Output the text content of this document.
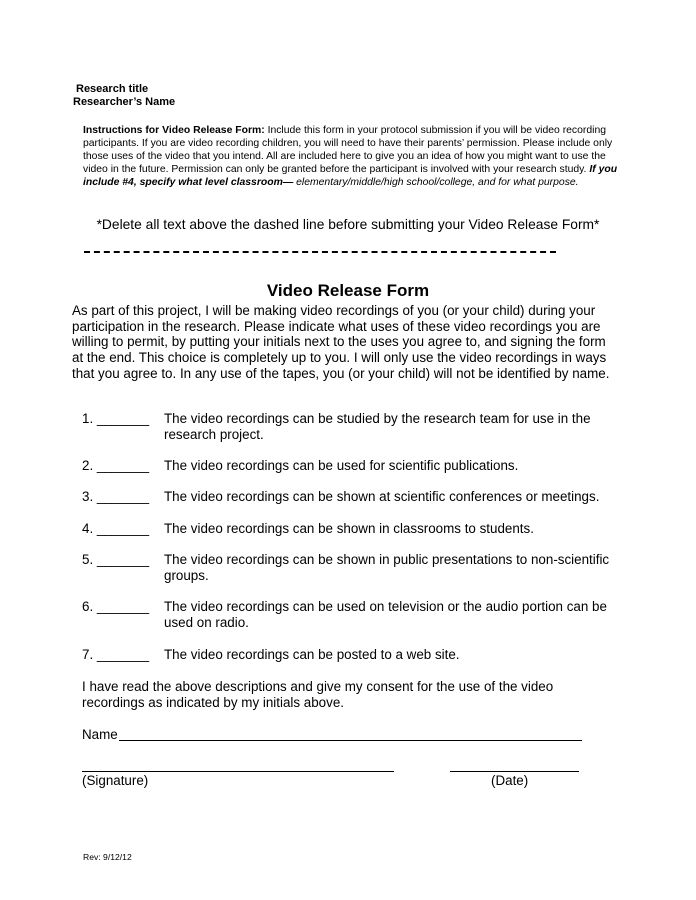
Research title
Researcher’s Name
Instructions for Video Release Form: Include this form in your protocol submission if you will be video recording participants. If you are video recording children, you will need to have their parents’ permission. Please include only those uses of the video that you intend. All are included here to give you an idea of how you might want to use the video in the future. Permission can only be granted before the participant is involved with your research study. If you include #4, specify what level classroom— elementary/middle/high school/college, and for what purpose.
*Delete all text above the dashed line before submitting your Video Release Form*
Video Release Form
As part of this project, I will be making video recordings of you (or your child) during your participation in the research. Please indicate what uses of these video recordings you are willing to permit, by putting your initials next to the uses you agree to, and signing the form at the end. This choice is completely up to you. I will only use the video recordings in ways that you agree to. In any use of the tapes, you (or your child) will not be identified by name.
1. _______	The video recordings can be studied by the research team for use in the research project.
2. _______	The video recordings can be used for scientific publications.
3. _______	The video recordings can be shown at scientific conferences or meetings.
4. _______	The video recordings can be shown in classrooms to students.
5. _______	The video recordings can be shown in public presentations to non-scientific groups.
6. _______	The video recordings can be used on television or the audio portion can be used on radio.
7. _______	The video recordings can be posted to a web site.
I have read the above descriptions and give my consent for the use of the video recordings as indicated by my initials above.
Name
(Signature)	(Date)
Rev: 9/12/12
